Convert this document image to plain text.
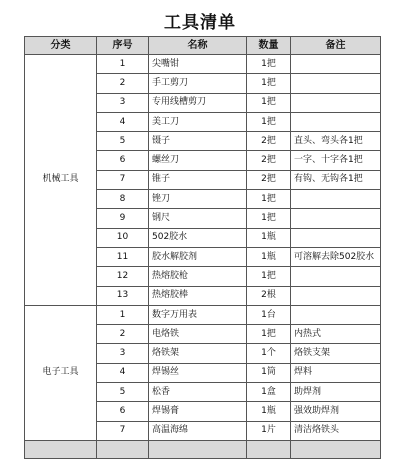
工具清单
分类	序号	名称	数量	备注
机械工具	1	尖嘴钳	1把	
	2	手工剪刀	1把	
	3	专用线槽剪刀	1把	
	4	美工刀	1把	
	5	镊子	2把	直头、弯头各1把
	6	螺丝刀	2把	一字、十字各1把
	7	锥子	2把	有钩、无钩各1把
	8	锉刀	1把	
	9	钢尺	1把	
	10	502胶水	1瓶	
	11	胶水解胶剂	1瓶	可溶解去除502胶水
	12	热熔胶枪	1把	
	13	热熔胶棒	2根	
电子工具	1	数字万用表	1台	
	2	电烙铁	1把	内热式
	3	烙铁架	1个	烙铁支架
	4	焊锡丝	1筒	焊料
	5	松香	1盒	助焊剂
	6	焊锡膏	1瓶	强效助焊剂
	7	高温海绵	1片	清洁烙铁头
